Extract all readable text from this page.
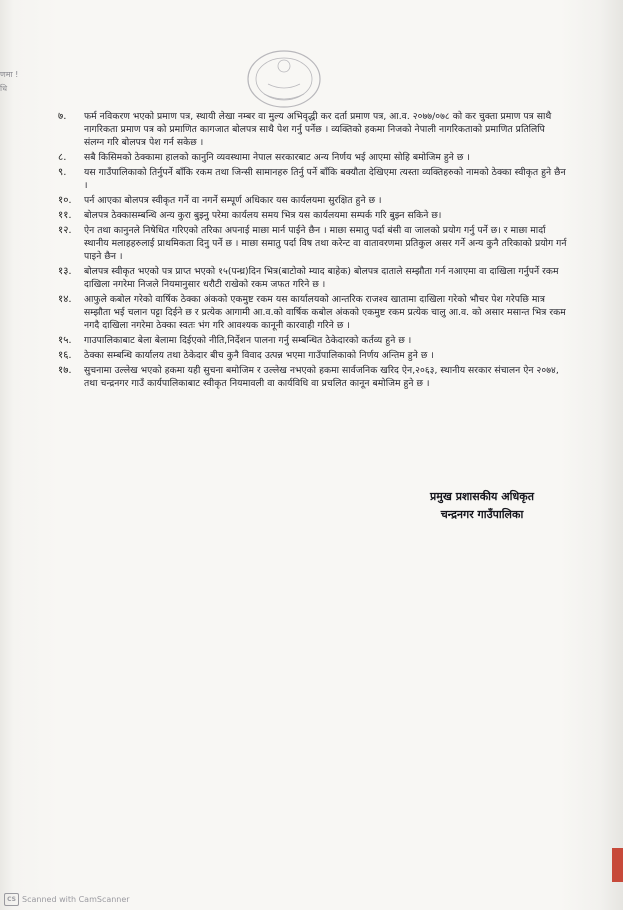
णमा !
धि
७.	फर्म नविकरण भएको प्रमाण पत्र, स्थायी लेखा नम्बर वा मुल्य अभिवृद्धी कर दर्ता प्रमाण पत्र, आ.व. २०७७/०७८ को कर चुक्ता प्रमाण पत्र साथै नागरिकता प्रमाण पत्र को प्रमाणित कागजात बोलपत्र साथै पेश गर्नु पर्नेछ । व्यक्तिको हकमा निजको नेपाली नागरिकताको प्रमाणित प्रतिलिपि संलग्न गरि बोलपत्र पेश गर्न सकेछ ।
८.	सबै किसिमको ठेक्कामा हालको कानुनि व्यवस्थामा नेपाल सरकारबाट अन्य निर्णय भई आएमा सोहि बमोजिम हुने छ ।
९.	यस गाउँपालिकाको तिर्नुपर्ने बाँकि रकम तथा जिन्सी सामानहरु तिर्नु पर्ने बाँकि बक्यौता देखिएमा त्यस्ता व्यक्तिहरुको नामको ठेक्का स्वीकृत हुने छैन ।
१०.	पर्न आएका बोलपत्र स्वीकृत गर्ने वा नगर्ने सम्पूर्ण अधिकार यस कार्यलयमा सुरक्षित हुने छ ।
११.	बोलपत्र ठेक्कासम्बन्धि अन्य कुरा बुझ्नु परेमा कार्यलय समय भित्र यस कार्यलयमा सम्पर्क गरि बुझ्न सकिने छ।
१२.	ऐन तथा कानुनले निषेधित गरिएको तरिका अपनाई माछा मार्न पाईने छैन । माछा समातु पर्दा बंसी वा जालको प्रयोग गर्नु पर्ने छ। र माछा मार्दा स्थानीय मलाहहरुलाई प्राथमिकता दिनु पर्ने छ । माछा समातु पर्दा विष तथा करेन्ट वा वातावरणमा प्रतिकुल असर गर्ने अन्य कुनै तरिकाको प्रयोग गर्न पाइने छैन ।
१३.	बोलपत्र स्वीकृत भएको पत्र प्राप्त भएको १५(पन्ध्र)दिन भित्र(बाटोको म्याद बाहेक) बोलपत्र दाताले सम्झौता गर्न नआएमा वा दाखिला गर्नुपर्ने रकम दाखिला नगरेमा निजले नियमानुसार धरौटी राखेको रकम जफत गरिने छ ।
१४.	आफुले कबोल गरेको वार्षिक ठेक्का अंकको एकमुष्ट रकम यस कार्यालयको आन्तरिक राजश्व खातामा दाखिला गरेको भौचर पेश गरेपछि मात्र सम्झौता भई चलान पट्टा दिईने छ र प्रत्येक आगामी आ.व.को वार्षिक कबोल अंकको एकमुष्ट रकम प्रत्येक चालु आ.व. को असार मसान्त भित्र रकम नगदै दाखिला नगरेमा ठेक्का स्वतः भंग गरि आवश्यक कानूनी कारवाही गरिने छ ।
१५.	गाउपालिकाबाट बेला बेलामा दिईएको नीति,निर्देशन पालना गर्नु सम्बन्धित ठेकेदारको कर्तव्य हुने छ ।
१६.	ठेक्का सम्बन्धि कार्यालय तथा ठेकेदार बीच कुनै विवाद उत्पन्न भएमा गाउँपालिकाको निर्णय अन्तिम हुने छ ।
१७.	सुचनामा उल्लेख भएको हकमा यही सुचना बमोजिम र उल्लेख नभएको हकमा सार्वजनिक खरिद ऐन,२०६३, स्थानीय सरकार संचालन ऐन २०७४, तथा चन्द्रनगर गाउँ कार्यपालिकाबाट स्वीकृत नियमावली वा कार्यविधि वा प्रचलित कानून बमोजिम हुने छ ।
प्रमुख प्रशासकीय अधिकृत
चन्द्रनगर गाउँपालिका
CS Scanned with CamScanner
